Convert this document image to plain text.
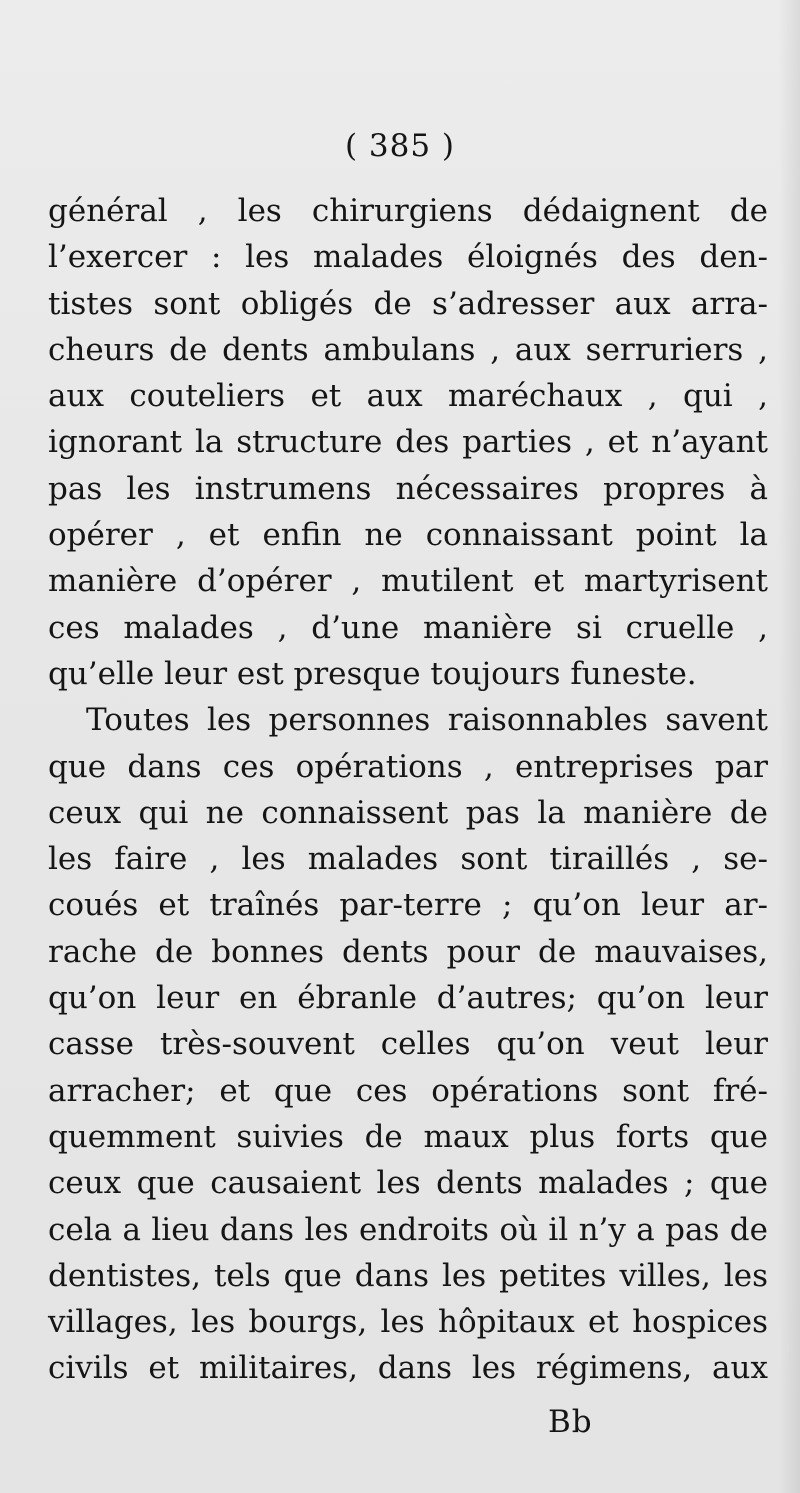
( 385 )
général , les chirurgiens dédaignent de
l’exercer : les malades éloignés des den-
tistes sont obligés de s’adresser aux arra-
cheurs de dents ambulans , aux serruriers ,
aux couteliers et aux maréchaux , qui ,
ignorant la structure des parties , et n’ayant
pas les instrumens nécessaires propres à
opérer , et enfin ne connaissant point la
manière d’opérer , mutilent et martyrisent
ces malades , d’une manière si cruelle ,
qu’elle leur est presque toujours funeste.
Toutes les personnes raisonnables savent
que dans ces opérations , entreprises par
ceux qui ne connaissent pas la manière de
les faire , les malades sont tiraillés , se-
coués et traînés par-terre ; qu’on leur ar-
rache de bonnes dents pour de mauvaises,
qu’on leur en ébranle d’autres; qu’on leur
casse très-souvent celles qu’on veut leur
arracher; et que ces opérations sont fré-
quemment suivies de maux plus forts que
ceux que causaient les dents malades ; que
cela a lieu dans les endroits où il n’y a pas de
dentistes, tels que dans les petites villes, les
villages, les bourgs, les hôpitaux et hospices
civils et militaires, dans les régimens, aux
Bb
